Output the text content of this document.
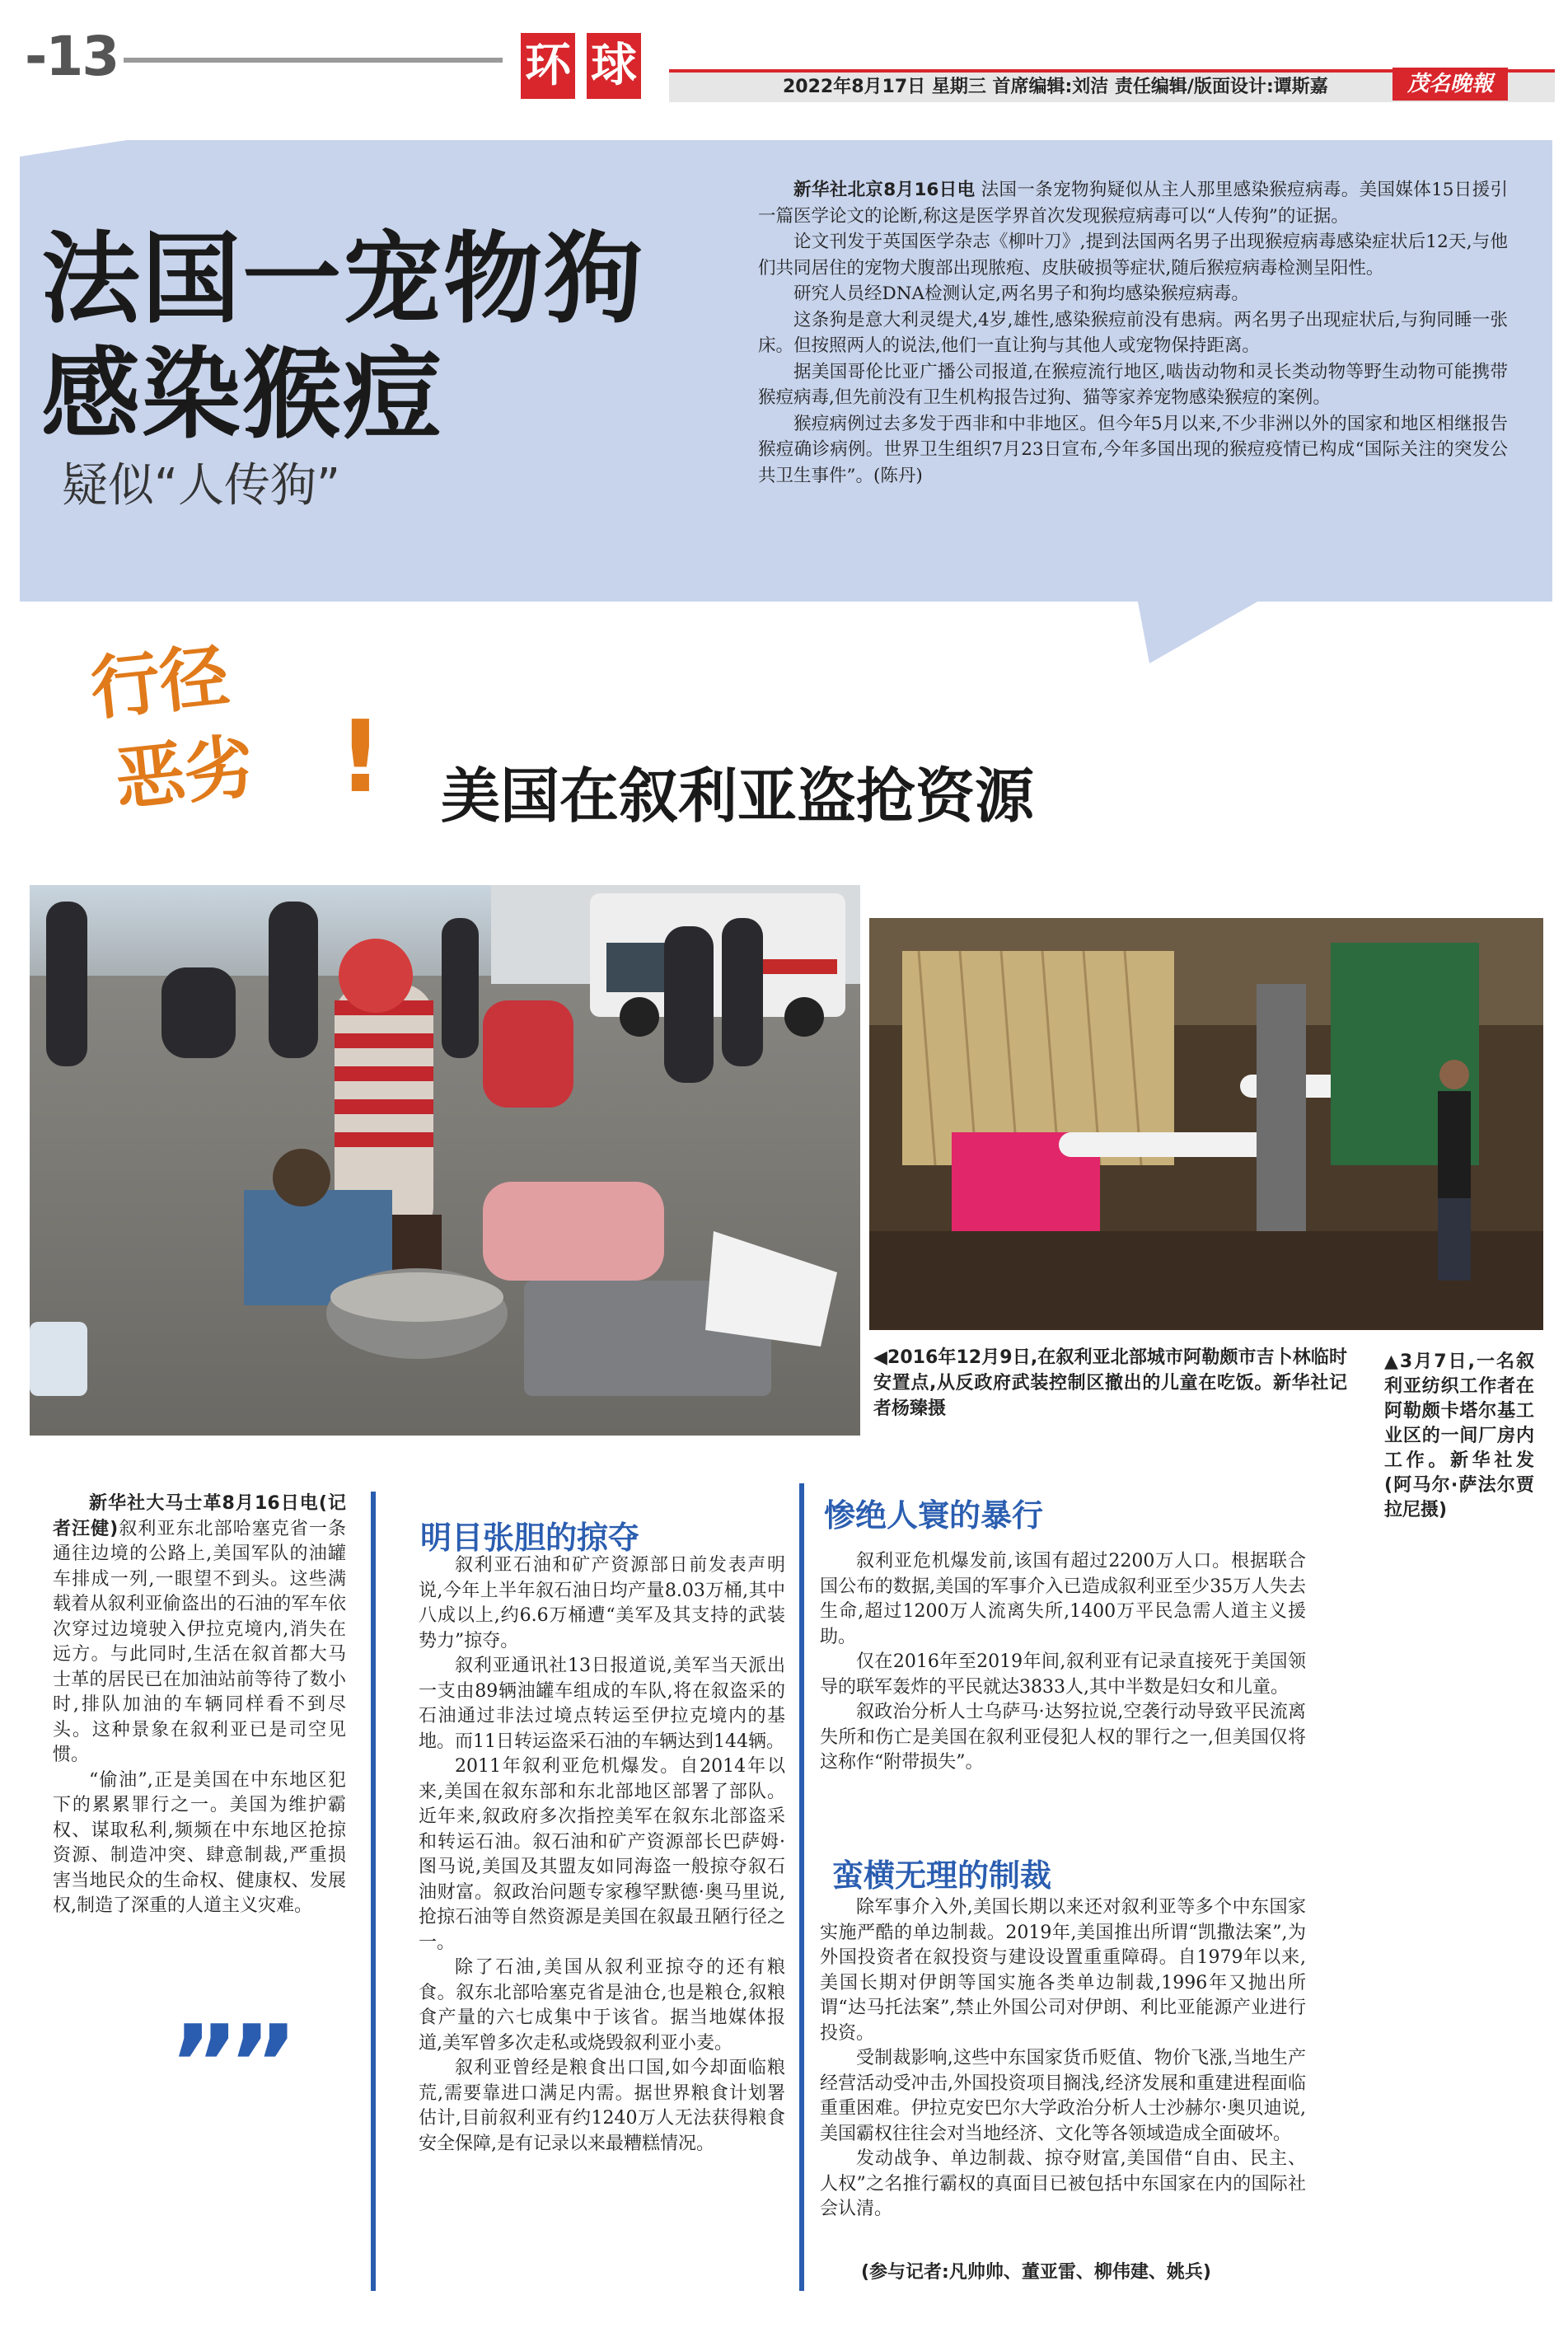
-13	环 球	2022年8月17日 星期三 首席编辑:刘洁 责任编辑/版面设计:谭斯嘉	茂名晚報
法国一宠物狗
感染猴痘
疑似“人传狗”

新华社北京8月16日电 法国一条宠物狗疑似从主人那里感染猴痘病毒。美国媒体15日援引一篇医学论文的论断,称这是医学界首次发现猴痘病毒可以“人传狗”的证据。

论文刊发于英国医学杂志《柳叶刀》,提到法国两名男子出现猴痘病毒感染症状后12天,与他们共同居住的宠物犬腹部出现脓疱、皮肤破损等症状,随后猴痘病毒检测呈阳性。

研究人员经DNA检测认定,两名男子和狗均感染猴痘病毒。

这条狗是意大利灵缇犬,4岁,雄性,感染猴痘前没有患病。两名男子出现症状后,与狗同睡一张床。但按照两人的说法,他们一直让狗与其他人或宠物保持距离。

据美国哥伦比亚广播公司报道,在猴痘流行地区,啮齿动物和灵长类动物等野生动物可能携带猴痘病毒,但先前没有卫生机构报告过狗、猫等家养宠物感染猴痘的案例。

猴痘病例过去多发于西非和中非地区。但今年5月以来,不少非洲以外的国家和地区相继报告猴痘确诊病例。世界卫生组织7月23日宣布,今年多国出现的猴痘疫情已构成“国际关注的突发公共卫生事件”。(陈丹)

行径
恶劣 ! 美国在叙利亚盗抢资源
◀2016年12月9日,在叙利亚北部城市阿勒颇市吉卜林临时安置点,从反政府武装控制区撤出的儿童在吃饭。新华社记者杨臻摄
▲3月7日,一名叙利亚纺织工作者在阿勒颇卡塔尔基工业区的一间厂房内工作。新华社发(阿马尔·萨法尔贾拉尼摄)

新华社大马士革8月16日电(记者汪健)叙利亚东北部哈塞克省一条通往边境的公路上,美国军队的油罐车排成一列,一眼望不到头。这些满载着从叙利亚偷盗出的石油的军车依次穿过边境驶入伊拉克境内,消失在远方。与此同时,生活在叙首都大马士革的居民已在加油站前等待了数小时,排队加油的车辆同样看不到尽头。这种景象在叙利亚已是司空见惯。

“偷油”,正是美国在中东地区犯下的累累罪行之一。美国为维护霸权、谋取私利,频频在中东地区抢掠资源、制造冲突、肆意制裁,严重损害当地民众的生命权、健康权、发展权,制造了深重的人道主义灾难。

””
明目张胆的掠夺

叙利亚石油和矿产资源部日前发表声明说,今年上半年叙石油日均产量8.03万桶,其中八成以上,约6.6万桶遭“美军及其支持的武装势力”掠夺。

叙利亚通讯社13日报道说,美军当天派出一支由89辆油罐车组成的车队,将在叙盗采的石油通过非法过境点转运至伊拉克境内的基地。而11日转运盗采石油的车辆达到144辆。

2011年叙利亚危机爆发。自2014年以来,美国在叙东部和东北部地区部署了部队。近年来,叙政府多次指控美军在叙东北部盗采和转运石油。叙石油和矿产资源部长巴萨姆·图马说,美国及其盟友如同海盗一般掠夺叙石油财富。叙政治问题专家穆罕默德·奥马里说,抢掠石油等自然资源是美国在叙最丑陋行径之一。

除了石油,美国从叙利亚掠夺的还有粮食。叙东北部哈塞克省是油仓,也是粮仓,叙粮食产量的六七成集中于该省。据当地媒体报道,美军曾多次走私或烧毁叙利亚小麦。

叙利亚曾经是粮食出口国,如今却面临粮荒,需要靠进口满足内需。据世界粮食计划署估计,目前叙利亚有约1240万人无法获得粮食安全保障,是有记录以来最糟糕情况。

惨绝人寰的暴行

叙利亚危机爆发前,该国有超过2200万人口。根据联合国公布的数据,美国的军事介入已造成叙利亚至少35万人失去生命,超过1200万人流离失所,1400万平民急需人道主义援助。

仅在2016年至2019年间,叙利亚有记录直接死于美国领导的联军轰炸的平民就达3833人,其中半数是妇女和儿童。

叙政治分析人士乌萨马·达努拉说,空袭行动导致平民流离失所和伤亡是美国在叙利亚侵犯人权的罪行之一,但美国仅将这称作“附带损失”。

蛮横无理的制裁

除军事介入外,美国长期以来还对叙利亚等多个中东国家实施严酷的单边制裁。2019年,美国推出所谓“凯撒法案”,为外国投资者在叙投资与建设设置重重障碍。自1979年以来,美国长期对伊朗等国实施各类单边制裁,1996年又抛出所谓“达马托法案”,禁止外国公司对伊朗、利比亚能源产业进行投资。

受制裁影响,这些中东国家货币贬值、物价飞涨,当地生产经营活动受冲击,外国投资项目搁浅,经济发展和重建进程面临重重困难。伊拉克安巴尔大学政治分析人士沙赫尔·奥贝迪说,美国霸权往往会对当地经济、文化等各领域造成全面破坏。

发动战争、单边制裁、掠夺财富,美国借“自由、民主、人权”之名推行霸权的真面目已被包括中东国家在内的国际社会认清。

(参与记者:凡帅帅、董亚雷、柳伟建、姚兵)
